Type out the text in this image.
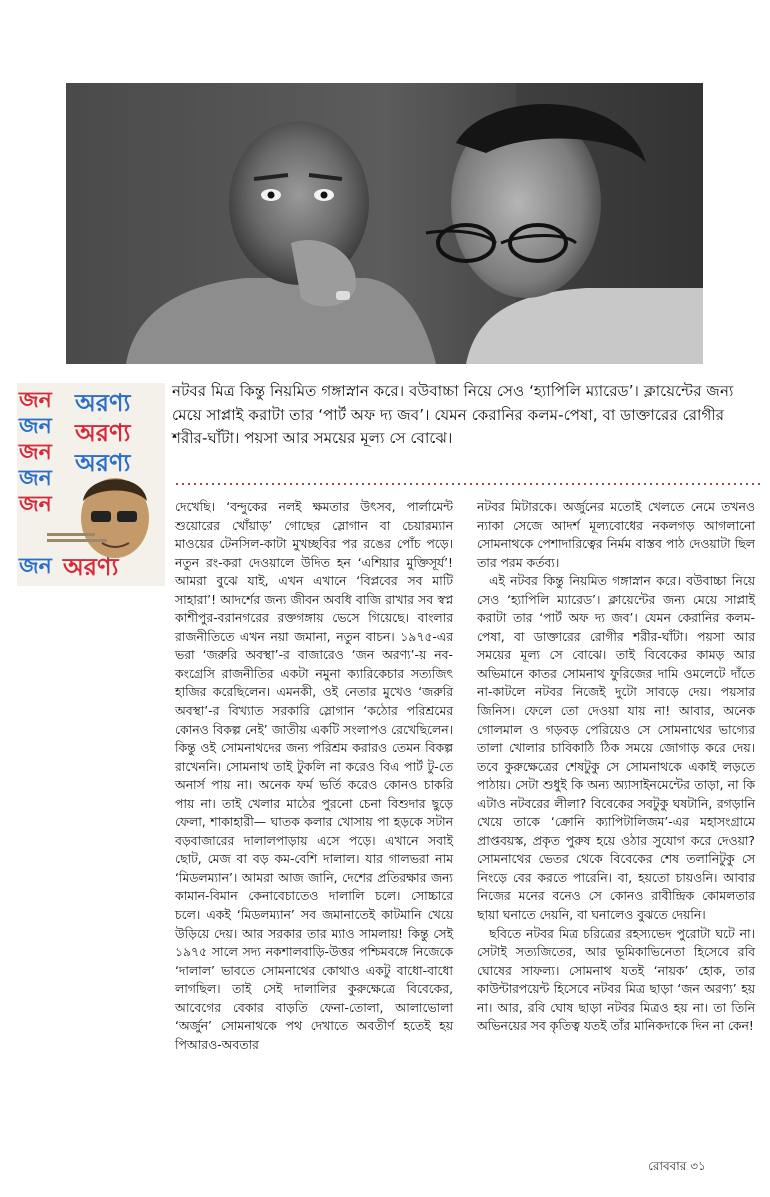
জন
জন
জন
জন
জন
জন
অরণ্য
অরণ্য
অরণ্য
অরণ্য

নটবর মিত্র কিন্তু নিয়মিত গঙ্গাস্নান করে। বউবাচ্চা নিয়ে সেও ‘হ্যাপিলি ম্যারেড’। ক্লায়েন্টের জন্য মেয়ে সাপ্লাই করাটা তার ‘পার্ট অফ দ্য জব’। যেমন কেরানির কলম-পেষা, বা ডাক্তারের রোগীর শরীর-ঘাঁটা। পয়সা আর সময়ের মূল্য সে বোঝে।

দেখেছি। ‘বন্দুকের নলই ক্ষমতার উৎসব, পার্লামেন্ট শুয়োরের খোঁয়াড়’ গোছের স্লোগান বা চেয়ারম্যান মাওয়ের টেনসিল-কাটা মুখচ্ছবির পর রঙের পোঁচ পড়ে। নতুন রং-করা দেওয়ালে উদিত হন ‘এশিয়ার মুক্তিসূর্য’! আমরা বুঝে যাই, এখন এখানে ‘বিপ্লবের সব মাটি সাহারা’! আদর্শের জন্য জীবন অবধি বাজি রাখার সব স্বপ্ন কাশীপুর-বরানগরের রক্তগঙ্গায় ভেসে গিয়েছে। বাংলার রাজনীতিতে এখন নয়া জমানা, নতুন বাচন। ১৯৭৫-এর ভরা ‘জরুরি অবস্থা’-র বাজারেও ‘জন অরণ্য’-য় নব-কংগ্রেসি রাজনীতির একটা নমুনা ক্যারিকেচার সত্যজিৎ হাজির করেছিলেন। এমনকী, ওই নেতার মুখেও ‘জরুরি অবস্থা’-র বিখ্যাত সরকারি স্লোগান ‘কঠোর পরিশ্রমের কোনও বিকল্প নেই’ জাতীয় একটি সংলাপও রেখেছিলেন। কিন্তু ওই সোমনাথদের জন্য পরিশ্রম করারও তেমন বিকল্প রাখেননি। সোমনাথ তাই টুকলি না করেও বিএ পার্ট টু-তে অনার্স পায় না। অনেক ফর্ম ভর্তি করেও কোনও চাকরি পায় না। তাই খেলার মাঠের পুরনো চেনা বিশুদার ছুড়ে ফেলা, শাকাহারী— ঘাতক কলার খোসায় পা হড়কে সটান বড়বাজারের দালালপাড়ায় এসে পড়ে। এখানে সবাই ছোট, মেজ বা বড় কম-বেশি দালাল। যার গালভরা নাম ‘মিডলম্যান’। আমরা আজ জানি, দেশের প্রতিরক্ষার জন্য কামান-বিমান কেনাবেচাতেও দালালি চলে। সোচ্চারে চলে। একই ‘মিডলম্যান’ সব জমানাতেই কাটমানি খেয়ে উড়িয়ে দেয়। আর সরকার তার ম্যাও সামলায়! কিন্তু সেই ১৯৭৫ সালে সদ্য নকশালবাড়ি-উত্তর পশ্চিমবঙ্গে নিজেকে ‘দালাল’ ভাবতে সোমনাথের কোথাও একটু বাধো-বাধো লাগছিল। তাই সেই দালালির কুরুক্ষেত্রে বিবেকের, আবেগের বেকার বাড়তি ফেনা-তোলা, আলাভোলা ‘অর্জুন’ সোমনাথকে পথ দেখাতে অবতীর্ণ হতেই হয় পিআরও-অবতার

নটবর মিটারকে। অর্জুনের মতোই খেলতে নেমে তখনও ন্যাকা সেজে আদর্শ মূল্যবোধের নকলগড় আগলানো সোমনাথকে পেশাদারিত্বের নির্মম বাস্তব পাঠ দেওয়াটা ছিল তার পরম কর্তব্য।

এই নটবর কিন্তু নিয়মিত গঙ্গাস্নান করে। বউবাচ্চা নিয়ে সেও ‘হ্যাপিলি ম্যারেড’। ক্লায়েন্টের জন্য মেয়ে সাপ্লাই করাটা তার ‘পার্ট অফ দ্য জব’। যেমন কেরানির কলম-পেষা, বা ডাক্তারের রোগীর শরীর-ঘাঁটা। পয়সা আর সময়ের মূল্য সে বোঝে। তাই বিবেকের কামড় আর অভিমানে কাতর সোমনাথ ফুরিজের দামি ওমলেটে দাঁতে না-কাটলে নটবর নিজেই দুটো সাবড়ে দেয়। পয়সার জিনিস। ফেলে তো দেওয়া যায় না! আবার, অনেক গোলমাল ও গড়বড় পেরিয়েও সে সোমনাথের ভাগ্যের তালা খোলার চাবিকাঠি ঠিক সময়ে জোগাড় করে দেয়। তবে কুরুক্ষেত্রের শেষটুকু সে সোমনাথকে একাই লড়তে পাঠায়। সেটা শুধুই কি অন্য অ্যাসাইনমেন্টের তাড়া, না কি এটাও নটবরের লীলা? বিবেকের সবটুকু ঘষটানি, রগড়ানি খেয়ে তাকে ‘ক্রোনি ক্যাপিটালিজম’-এর মহাসংগ্রামে প্রাপ্তবয়স্ক, প্রকৃত পুরুষ হয়ে ওঠার সুযোগ করে দেওয়া? সোমনাথের ভেতর থেকে বিবেকের শেষ তলানিটুকু সে নিংড়ে বের করতে পারেনি। বা, হয়তো চায়ওনি। আবার নিজের মনের বনেও সে কোনও রাবীন্দ্রিক কোমলতার ছায়া ঘনাতে দেয়নি, বা ঘনালেও বুঝতে দেয়নি।

ছবিতে নটবর মিত্র চরিত্রের রহস্যভেদ পুরোটা ঘটে না। সেটাই সত্যজিতের, আর ভূমিকাভিনেতা হিসেবে রবি ঘোষের সাফল্য। সোমনাথ যতই ‘নায়ক’ হোক, তার কাউন্টারপয়েন্ট হিসেবে নটবর মিত্র ছাড়া ‘জন অরণ্য’ হয় না। আর, রবি ঘোষ ছাড়া নটবর মিত্রও হয় না। তা তিনি অভিনয়ের সব কৃতিত্ব যতই তাঁর মানিকদাকে দিন না কেন!

রোববার ৩১
